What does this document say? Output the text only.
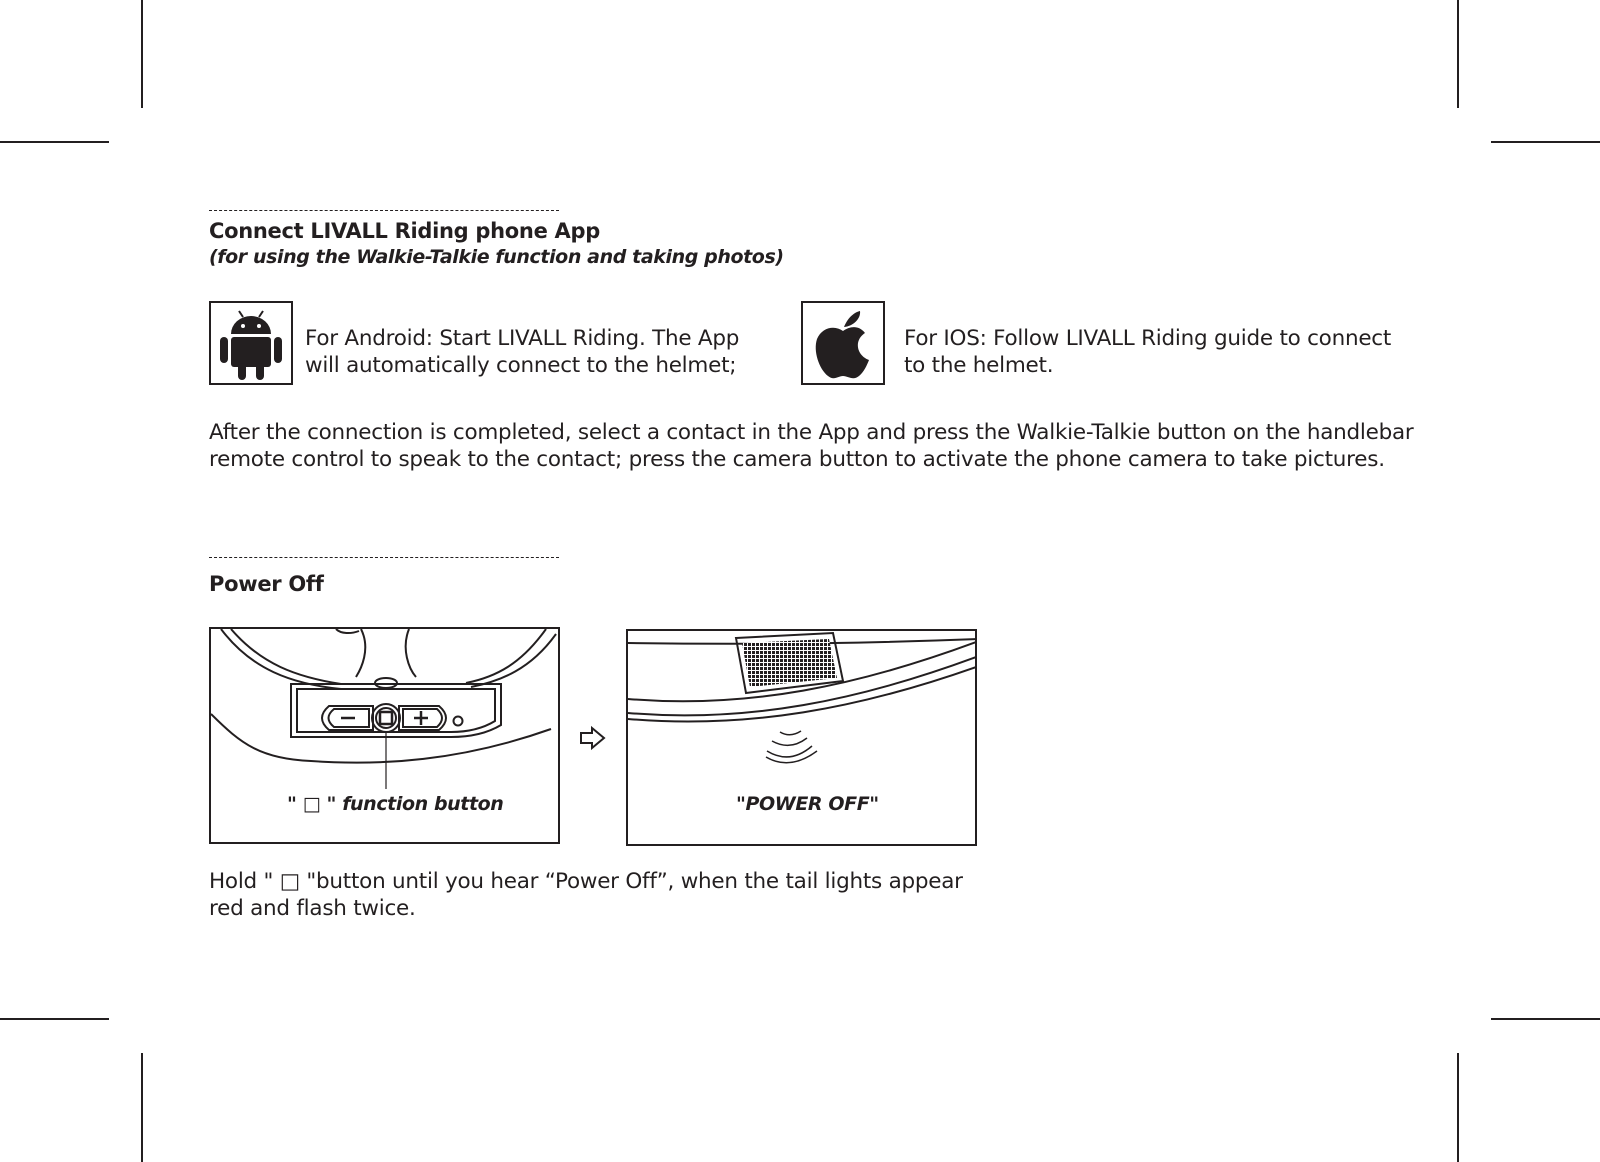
Connect LIVALL Riding phone App
(for using the Walkie-Talkie function and taking photos)
For Android: Start LIVALL Riding. The App will automatically connect to the helmet;
For IOS: Follow LIVALL Riding guide to connect to the helmet.
After the connection is completed, select a contact in the App and press the Walkie-Talkie button on the handlebar remote control to speak to the contact; press the camera button to activate the phone camera to take pictures.
Power Off
" □ " function button	"POWER OFF"
Hold " □ "button until you hear “Power Off”, when the tail lights appear red and flash twice.
